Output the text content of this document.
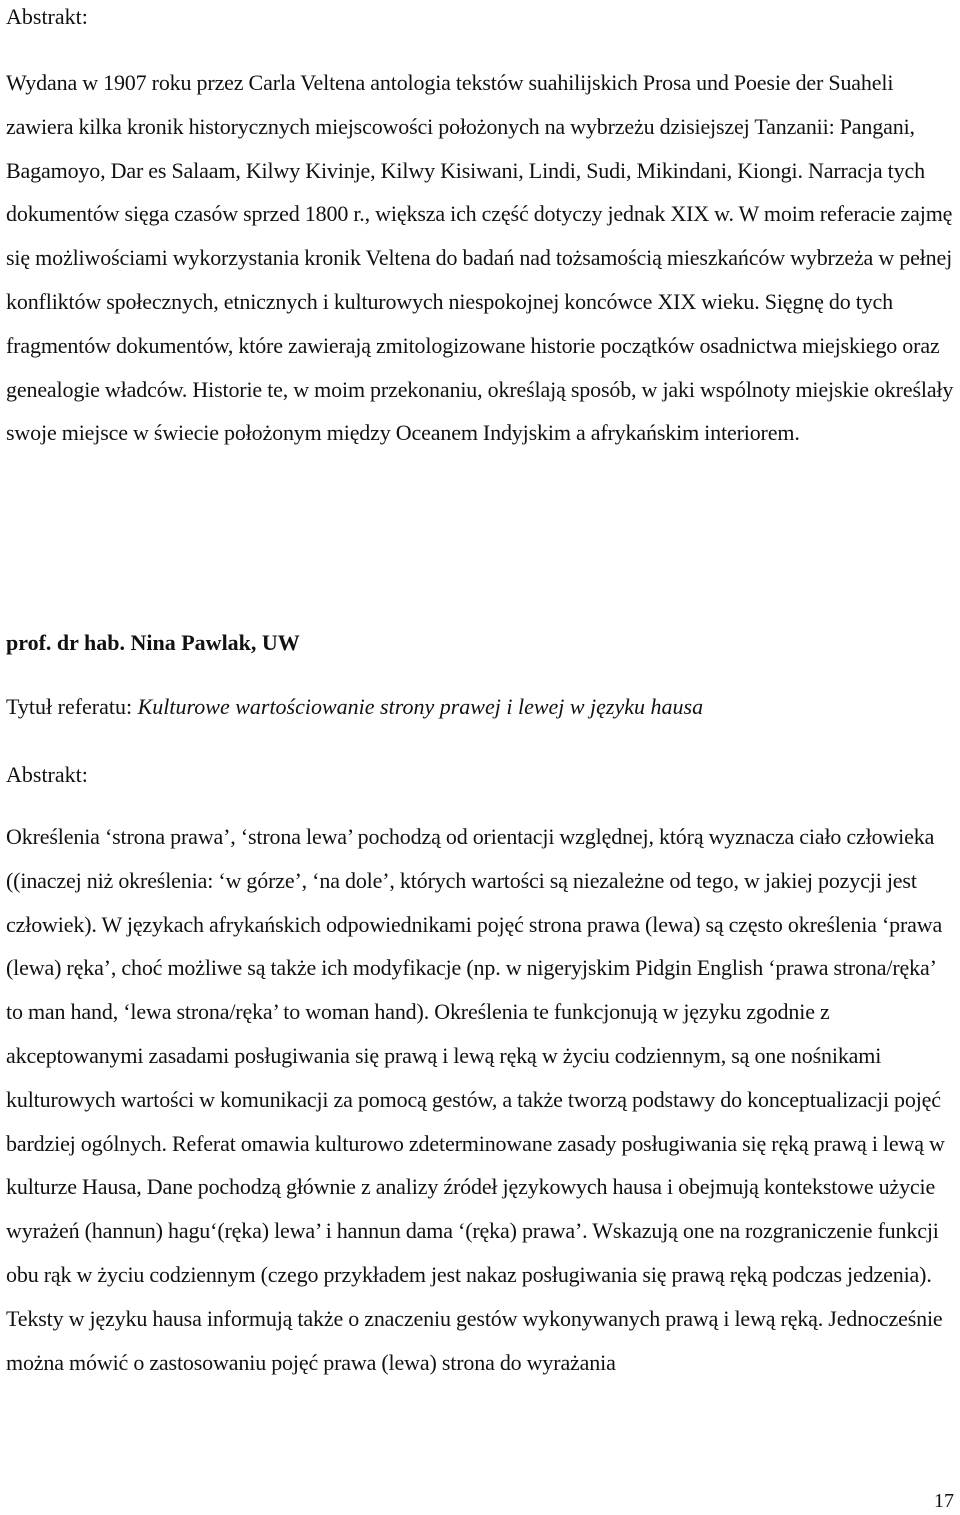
Abstrakt:

Wydana w 1907 roku przez Carla Veltena antologia tekstów suahilijskich Prosa und Poesie der Suaheli zawiera kilka kronik historycznych miejscowości położonych na wybrzeżu dzisiejszej Tanzanii: Pangani, Bagamoyo, Dar es Salaam, Kilwy Kivinje, Kilwy Kisiwani, Lindi, Sudi, Mikindani, Kiongi. Narracja tych dokumentów sięga czasów sprzed 1800 r., większa ich część dotyczy jednak XIX w. W moim referacie zajmę się możliwościami wykorzystania kronik Veltena do badań nad tożsamością mieszkańców wybrzeża w pełnej konfliktów społecznych, etnicznych i kulturowych niespokojnej koncówce XIX wieku. Sięgnę do tych fragmentów dokumentów, które zawierają zmitologizowane historie początków osadnictwa miejskiego oraz genealogie władców. Historie te, w moim przekonaniu, określają sposób, w jaki wspólnoty miejskie określały swoje miejsce w świecie położonym między Oceanem Indyjskim a afrykańskim interiorem.

prof. dr hab. Nina Pawlak, UW

Tytuł referatu: Kulturowe wartościowanie strony prawej i lewej w języku hausa

Abstrakt:

Określenia ‘strona prawa’, ‘strona lewa’ pochodzą od orientacji względnej, którą wyznacza ciało człowieka ((inaczej niż określenia: ‘w górze’, ‘na dole’, których wartości są niezależne od tego, w jakiej pozycji jest człowiek). W językach afrykańskich odpowiednikami pojęć strona prawa (lewa) są często określenia ‘prawa (lewa) ręka’, choć możliwe są także ich modyfikacje (np. w nigeryjskim Pidgin English ‘prawa strona/ręka’ to man hand, ‘lewa strona/ręka’ to woman hand). Określenia te funkcjonują w języku zgodnie z akceptowanymi zasadami posługiwania się prawą i lewą ręką w życiu codziennym, są one nośnikami kulturowych wartości w komunikacji za pomocą gestów, a także tworzą podstawy do konceptualizacji pojęć bardziej ogólnych. Referat omawia kulturowo zdeterminowane zasady posługiwania się ręką prawą i lewą w kulturze Hausa, Dane pochodzą głównie z analizy źródeł językowych hausa i obejmują kontekstowe użycie wyrażeń (hannun) hagu‘(ręka) lewa’ i hannun dama ‘(ręka) prawa’. Wskazują one na rozgraniczenie funkcji obu rąk w życiu codziennym (czego przykładem jest nakaz posługiwania się prawą ręką podczas jedzenia). Teksty w języku hausa informują także o znaczeniu gestów wykonywanych prawą i lewą ręką. Jednocześnie można mówić o zastosowaniu pojęć prawa (lewa) strona do wyrażania

17
